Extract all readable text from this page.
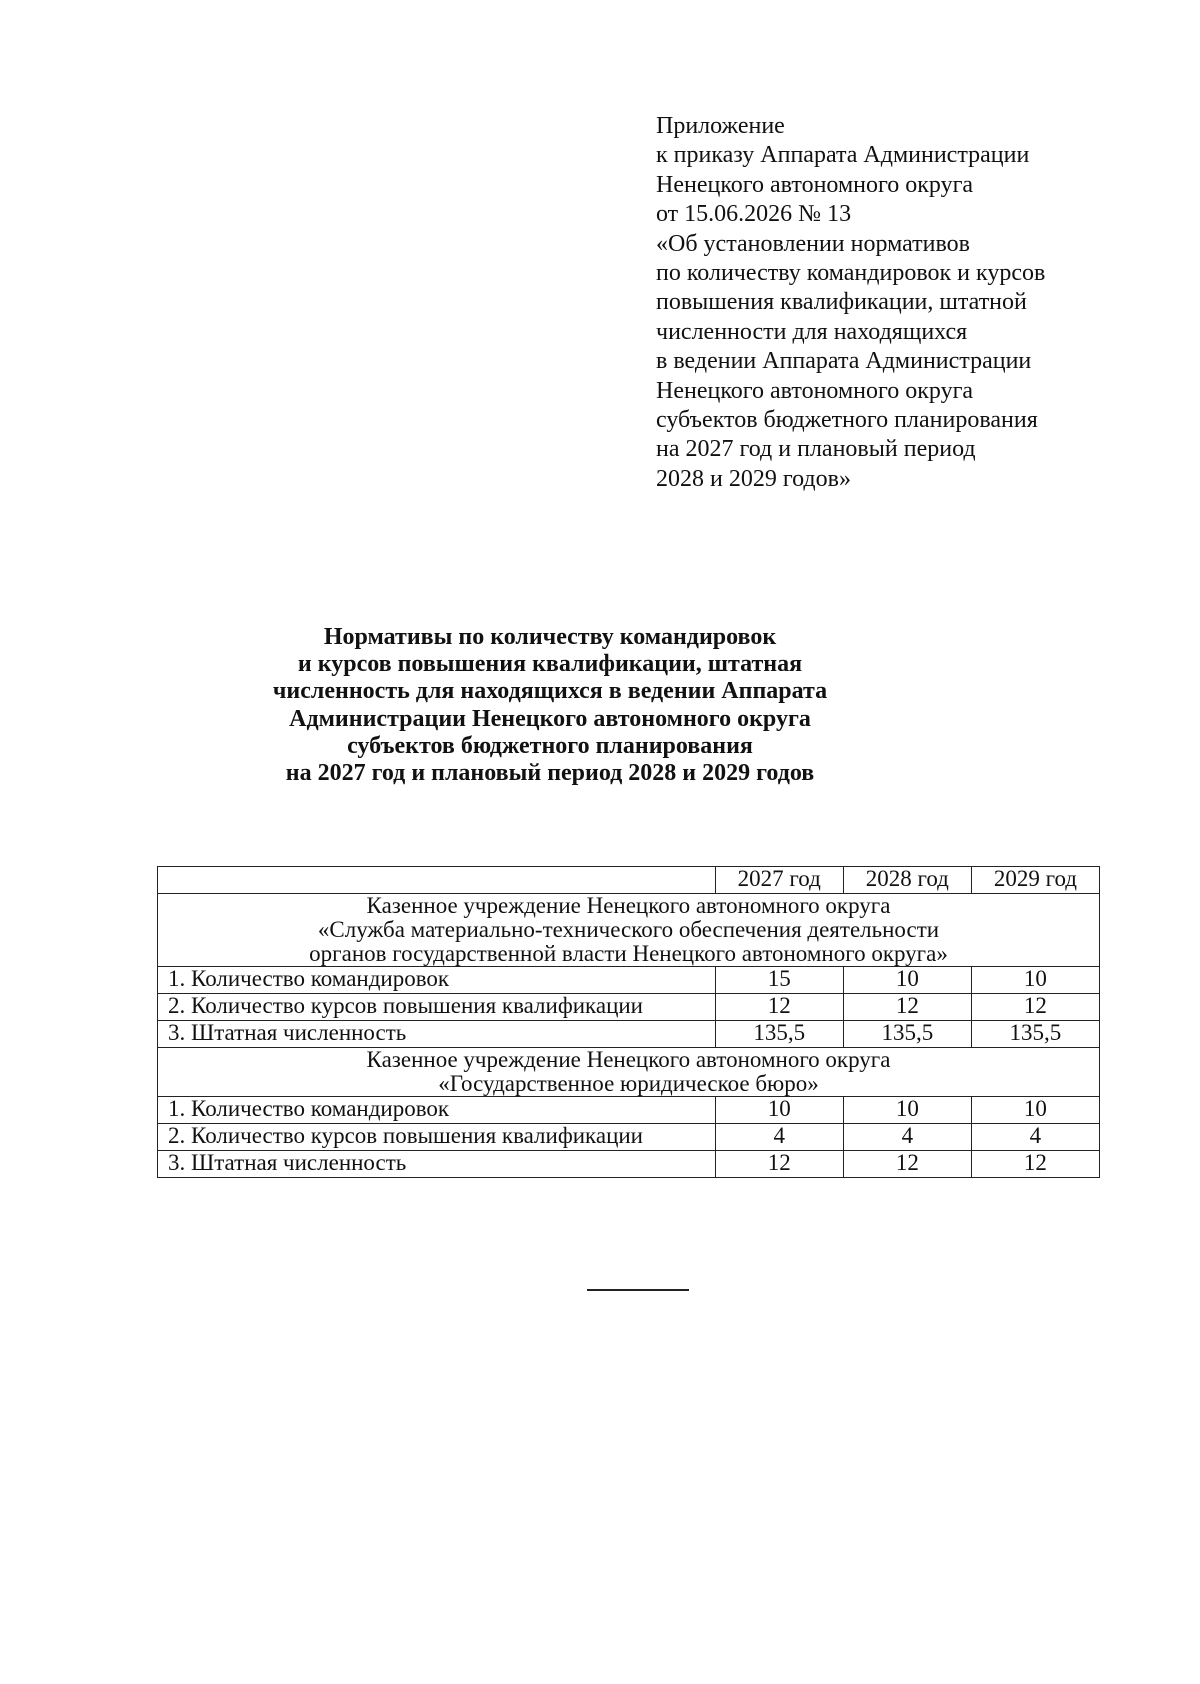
Приложение
к приказу Аппарата Администрации
Ненецкого автономного округа
от 15.06.2026 № 13
«Об установлении нормативов
по количеству командировок и курсов
повышения квалификации, штатной
численности для находящихся
в ведении Аппарата Администрации
Ненецкого автономного округа
субъектов бюджетного планирования
на 2027 год и плановый период
2028 и 2029 годов»
Нормативы по количеству командировок
и курсов повышения квалификации, штатная
численность для находящихся в ведении Аппарата
Администрации Ненецкого автономного округа
субъектов бюджетного планирования
на 2027 год и плановый период 2028 и 2029 годов
	2027 год	2028 год	2029 год

Казенное учреждение Ненецкого автономного округа
«Служба материально-технического обеспечения деятельности
органов государственной власти Ненецкого автономного округа»			

1. Количество командировок	15	10	10
2. Количество курсов повышения квалификации	12	12	12
3. Штатная численность	135,5	135,5	135,5

Казенное учреждение Ненецкого автономного округа
«Государственное юридическое бюро»			

1. Количество командировок	10	10	10
2. Количество курсов повышения квалификации	4	4	4
3. Штатная численность	12	12	12
